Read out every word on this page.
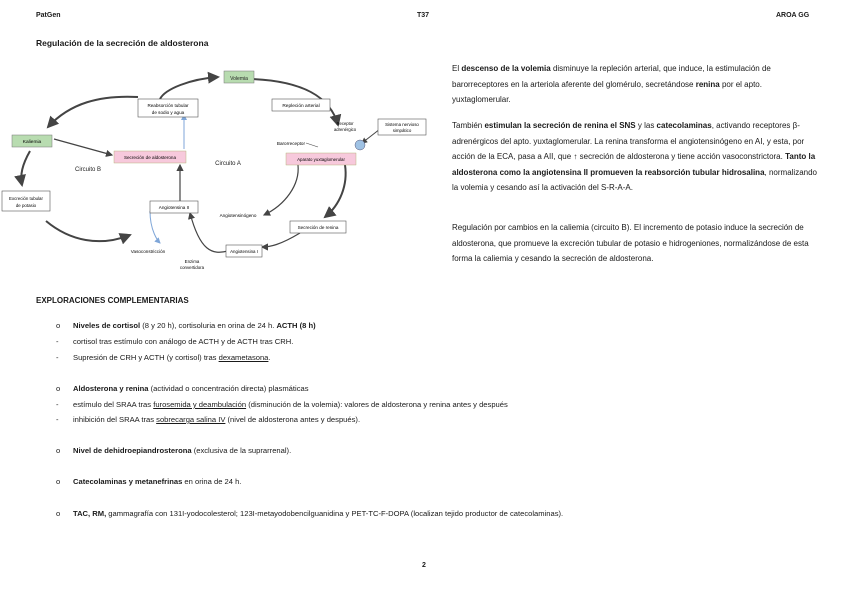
PatGen	T37	AROA GG
Regulación de la secreción de aldosterona
Volemia
Reabsorción tubular
de sodio y agua
Repleción arterial
Sistema nervioso
simpático
Receptor
adrenérgico
Barorreceptor
Aparato yuxtaglomerular
Kaliemia
Secreción de aldosterona
Circuito A
Circuito B
Excreción tubular
de potasio	Angiotensina II
Angiotensinógeno
Secreción de renina
Vasoconstricción
Enzima
convertidora
Angiotensina I
El descenso de la volemia disminuye la repleción arterial, que induce, la estimulación de barorreceptores en la arteriola aferente del glomérulo, secretándose renina por el apto. yuxtaglomerular.
También estimulan la secreción de renina el SNS y las catecolaminas, activando receptores β-adrenérgicos del apto. yuxtaglomerular. La renina transforma el angiotensinógeno en AI, y esta, por acción de la ECA, pasa a AII, que ↑ secreción de aldosterona y tiene acción vasoconstrictora. Tanto la aldosterona como la angiotensina II promueven la reabsorción tubular hidrosalina, normalizando la volemia y cesando así la activación del S-R-A-A.
Regulación por cambios en la caliemia (circuito B). El incremento de potasio induce la secreción de aldosterona, que promueve la excreción tubular de potasio e hidrogeniones, normalizándose de esta forma la caliemia y cesando la secreción de aldosterona.
EXPLORACIONES COMPLEMENTARIAS
o	Niveles de cortisol (8 y 20 h), cortisoluria en orina de 24 h. ACTH (8 h)
-	cortisol tras estímulo con análogo de ACTH y de ACTH tras CRH.
-	Supresión de CRH y ACTH (y cortisol) tras dexametasona.
o	Aldosterona y renina (actividad o concentración directa) plasmáticas
-	estímulo del SRAA tras furosemida y deambulación (disminución de la volemia): valores de aldosterona y renina antes y después
-	inhibición del SRAA tras sobrecarga salina IV (nivel de aldosterona antes y después).
o	Nivel de dehidroepiandrosterona (exclusiva de la suprarrenal).
o	Catecolaminas y metanefrinas en orina de 24 h.
o	TAC, RM, gammagrafía con 131I-yodocolesterol; 123I-metayodobencilguanidina y PET-TC-F-DOPA (localizan tejido productor de catecolaminas).
2
